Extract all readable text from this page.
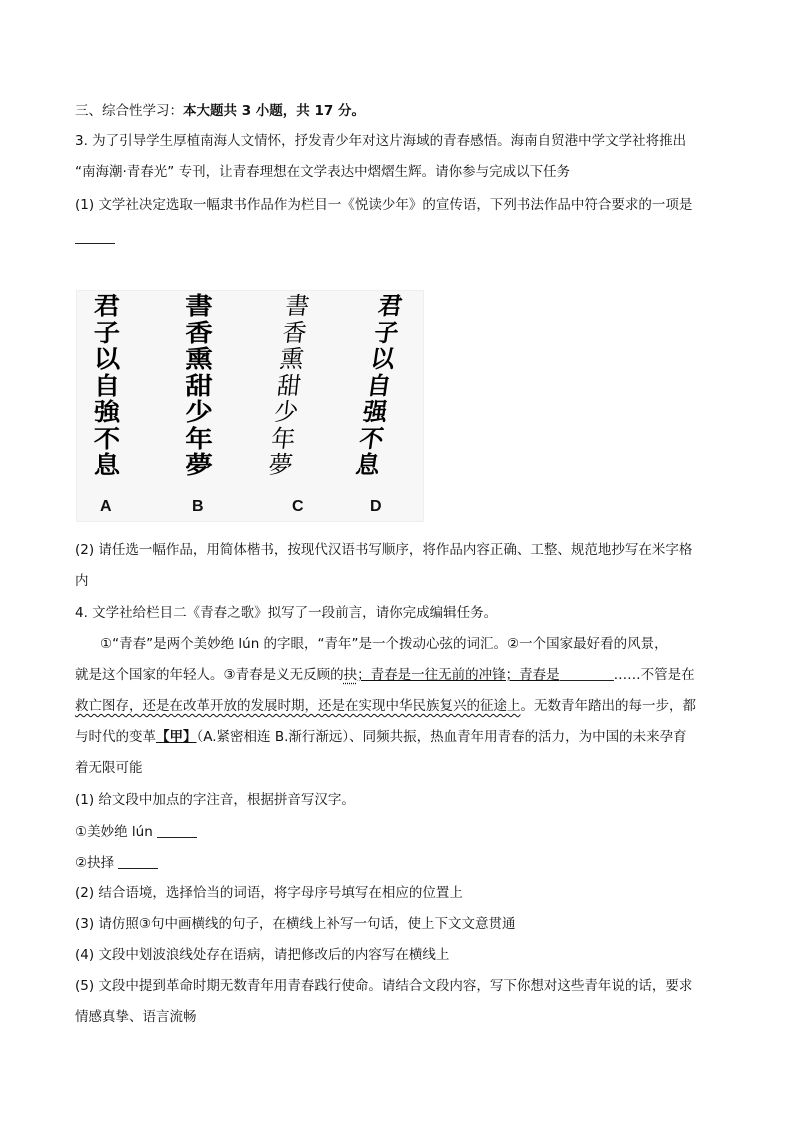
三、综合性学习：本大题共 3 小题，共 17 分。
3. 为了引导学生厚植南海人文情怀，抒发青少年对这片海域的青春感悟。海南自贸港中学文学社将推出
“南海潮·青春光” 专刊，让青春理想在文学表达中熠熠生辉。请你参与完成以下任务
(1) 文学社决定选取一幅隶书作品作为栏目一《悦读少年》的宣传语，下列书法作品中符合要求的一项是
君
子
以
自
強
不
息
書
香
熏
甜
少
年
夢
書
香
熏
甜
少
年
夢
君
子
以
自
强
不
息
A	B	C	D
(2) 请任选一幅作品，用简体楷书，按现代汉语书写顺序，将作品内容正确、工整、规范地抄写在米字格
内
4. 文学社给栏目二《青春之歌》拟写了一段前言，请你完成编辑任务。
①“青春”是两个美妙绝 lún 的字眼，“青年”是一个拨动心弦的词汇。②一个国家最好看的风景，
就是这个国家的年轻人。③青春是义无反顾的抉；青春是一往无前的冲锋；青春是	……不管是在
救亡图存，还是在改革开放的发展时期，还是在实现中华民族复兴的征途上。无数青年踏出的每一步，都
与时代的变革【甲】（A.紧密相连 B.渐行渐远）、同频共振，热血青年用青春的活力，为中国的未来孕育
着无限可能
(1) 给文段中加点的字注音，根据拼音写汉字。
①美妙绝 lún
②抉择
(2) 结合语境，选择恰当的词语，将字母序号填写在相应的位置上
(3) 请仿照③句中画横线的句子，在横线上补写一句话，使上下文文意贯通
(4) 文段中划波浪线处存在语病，请把修改后的内容写在横线上
(5) 文段中提到革命时期无数青年用青春践行使命。请结合文段内容，写下你想对这些青年说的话，要求
情感真挚、语言流畅
